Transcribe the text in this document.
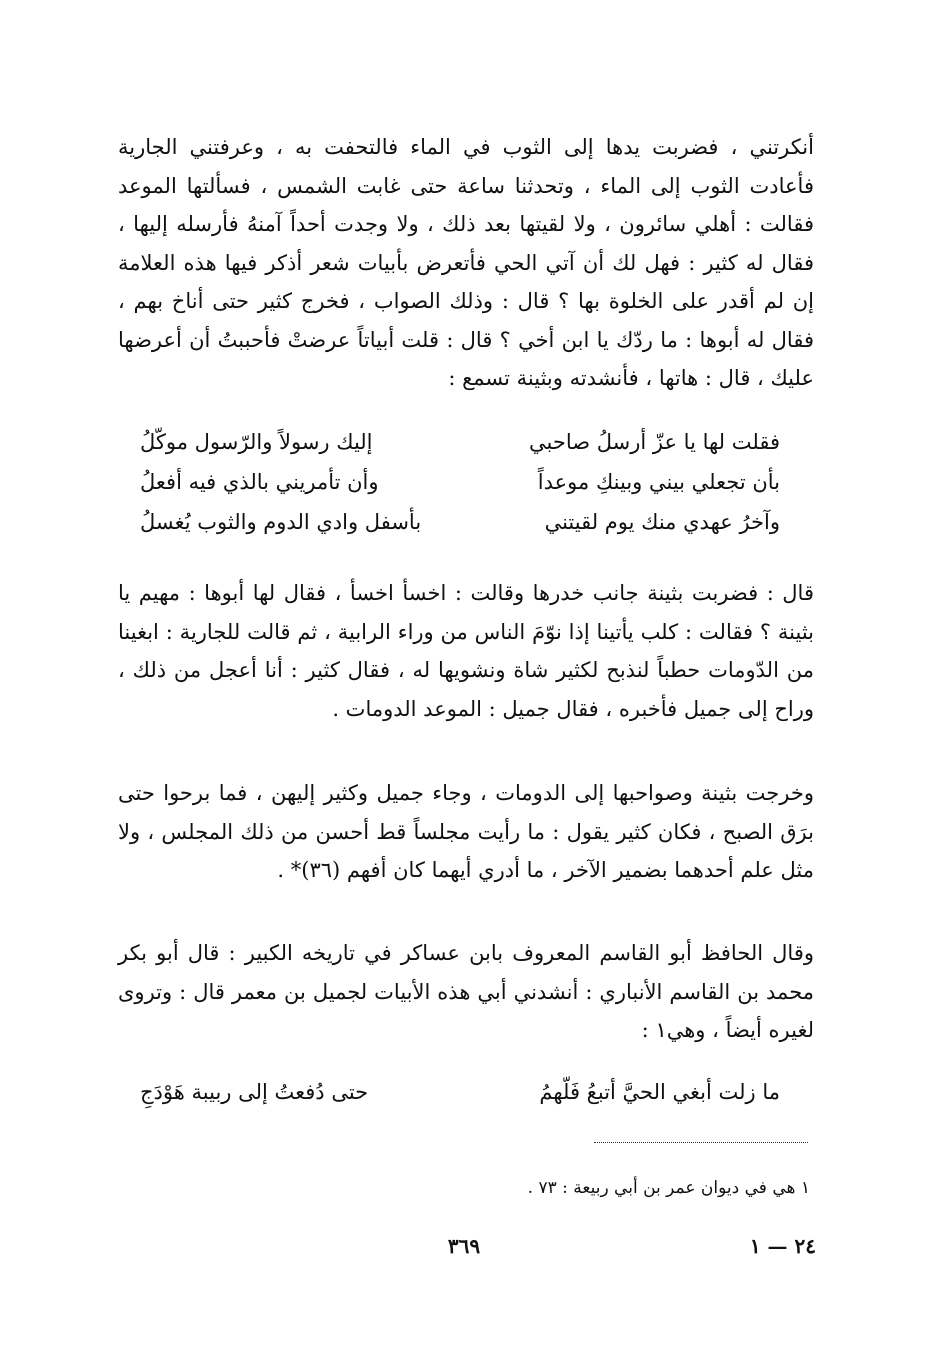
أنكرتني ، فضربت يدها إلى الثوب في الماء فالتحفت به ، وعرفتني الجارية فأعادت الثوب إلى الماء ، وتحدثنا ساعة حتى غابت الشمس ، فسألتها الموعد فقالت : أهلي سائرون ، ولا لقيتها بعد ذلك ، ولا وجدت أحداً آمنهُ فأرسله إليها ، فقال له كثير : فهل لك أن آتي الحي فأتعرض بأبيات شعر أذكر فيها هذه العلامة إن لم أقدر على الخلوة بها ؟ قال : وذلك الصواب ، فخرج كثير حتى أناخ بهم ، فقال له أبوها : ما ردّك يا ابن أخي ؟ قال : قلت أبياتاً عرضتْ فأحببتُ أن أعرضها عليك ، قال : هاتها ، فأنشدته وبثينة تسمع :

فقلت لها يا عزّ أرسلُ صاحبي
إليك رسولاً والرّسول موكّلُ
بأن تجعلي بيني وبينكِ موعداً
وأن تأمريني بالذي فيه أفعلُ
وآخرُ عهدي منك يوم لقيتني
بأسفل وادي الدوم والثوب يُغسلُ

قال : فضربت بثينة جانب خدرها وقالت : اخسأ اخسأ ، فقال لها أبوها : مهيم يا بثينة ؟ فقالت : كلب يأتينا إذا نوّمَ الناس من وراء الرابية ، ثم قالت للجارية : ابغينا من الدّومات حطباً لنذبح لكثير شاة ونشويها له ، فقال كثير : أنا أعجل من ذلك ، وراح إلى جميل فأخبره ، فقال جميل : الموعد الدومات .

وخرجت بثينة وصواحبها إلى الدومات ، وجاء جميل وكثير إليهن ، فما برحوا حتى برَق الصبح ، فكان كثير يقول : ما رأيت مجلساً قط أحسن من ذلك المجلس ، ولا مثل علم أحدهما بضمير الآخر ، ما أدري أيهما كان أفهم (٣٦)* .

وقال الحافظ أبو القاسم المعروف بابن عساكر في تاريخه الكبير : قال أبو بكر محمد بن القاسم الأنباري : أنشدني أبي هذه الأبيات لجميل بن معمر قال : وتروى لغيره أيضاً ، وهي١ :

ما زلت أبغي الحيَّ أتبعُ فَلّهمُ
حتى دُفعتُ إلى ربيبة هَوْدَجِ
١ هي في ديوان عمر بن أبي ربيعة : ٧٣ .
٣٦٩	٢٤ — ١
